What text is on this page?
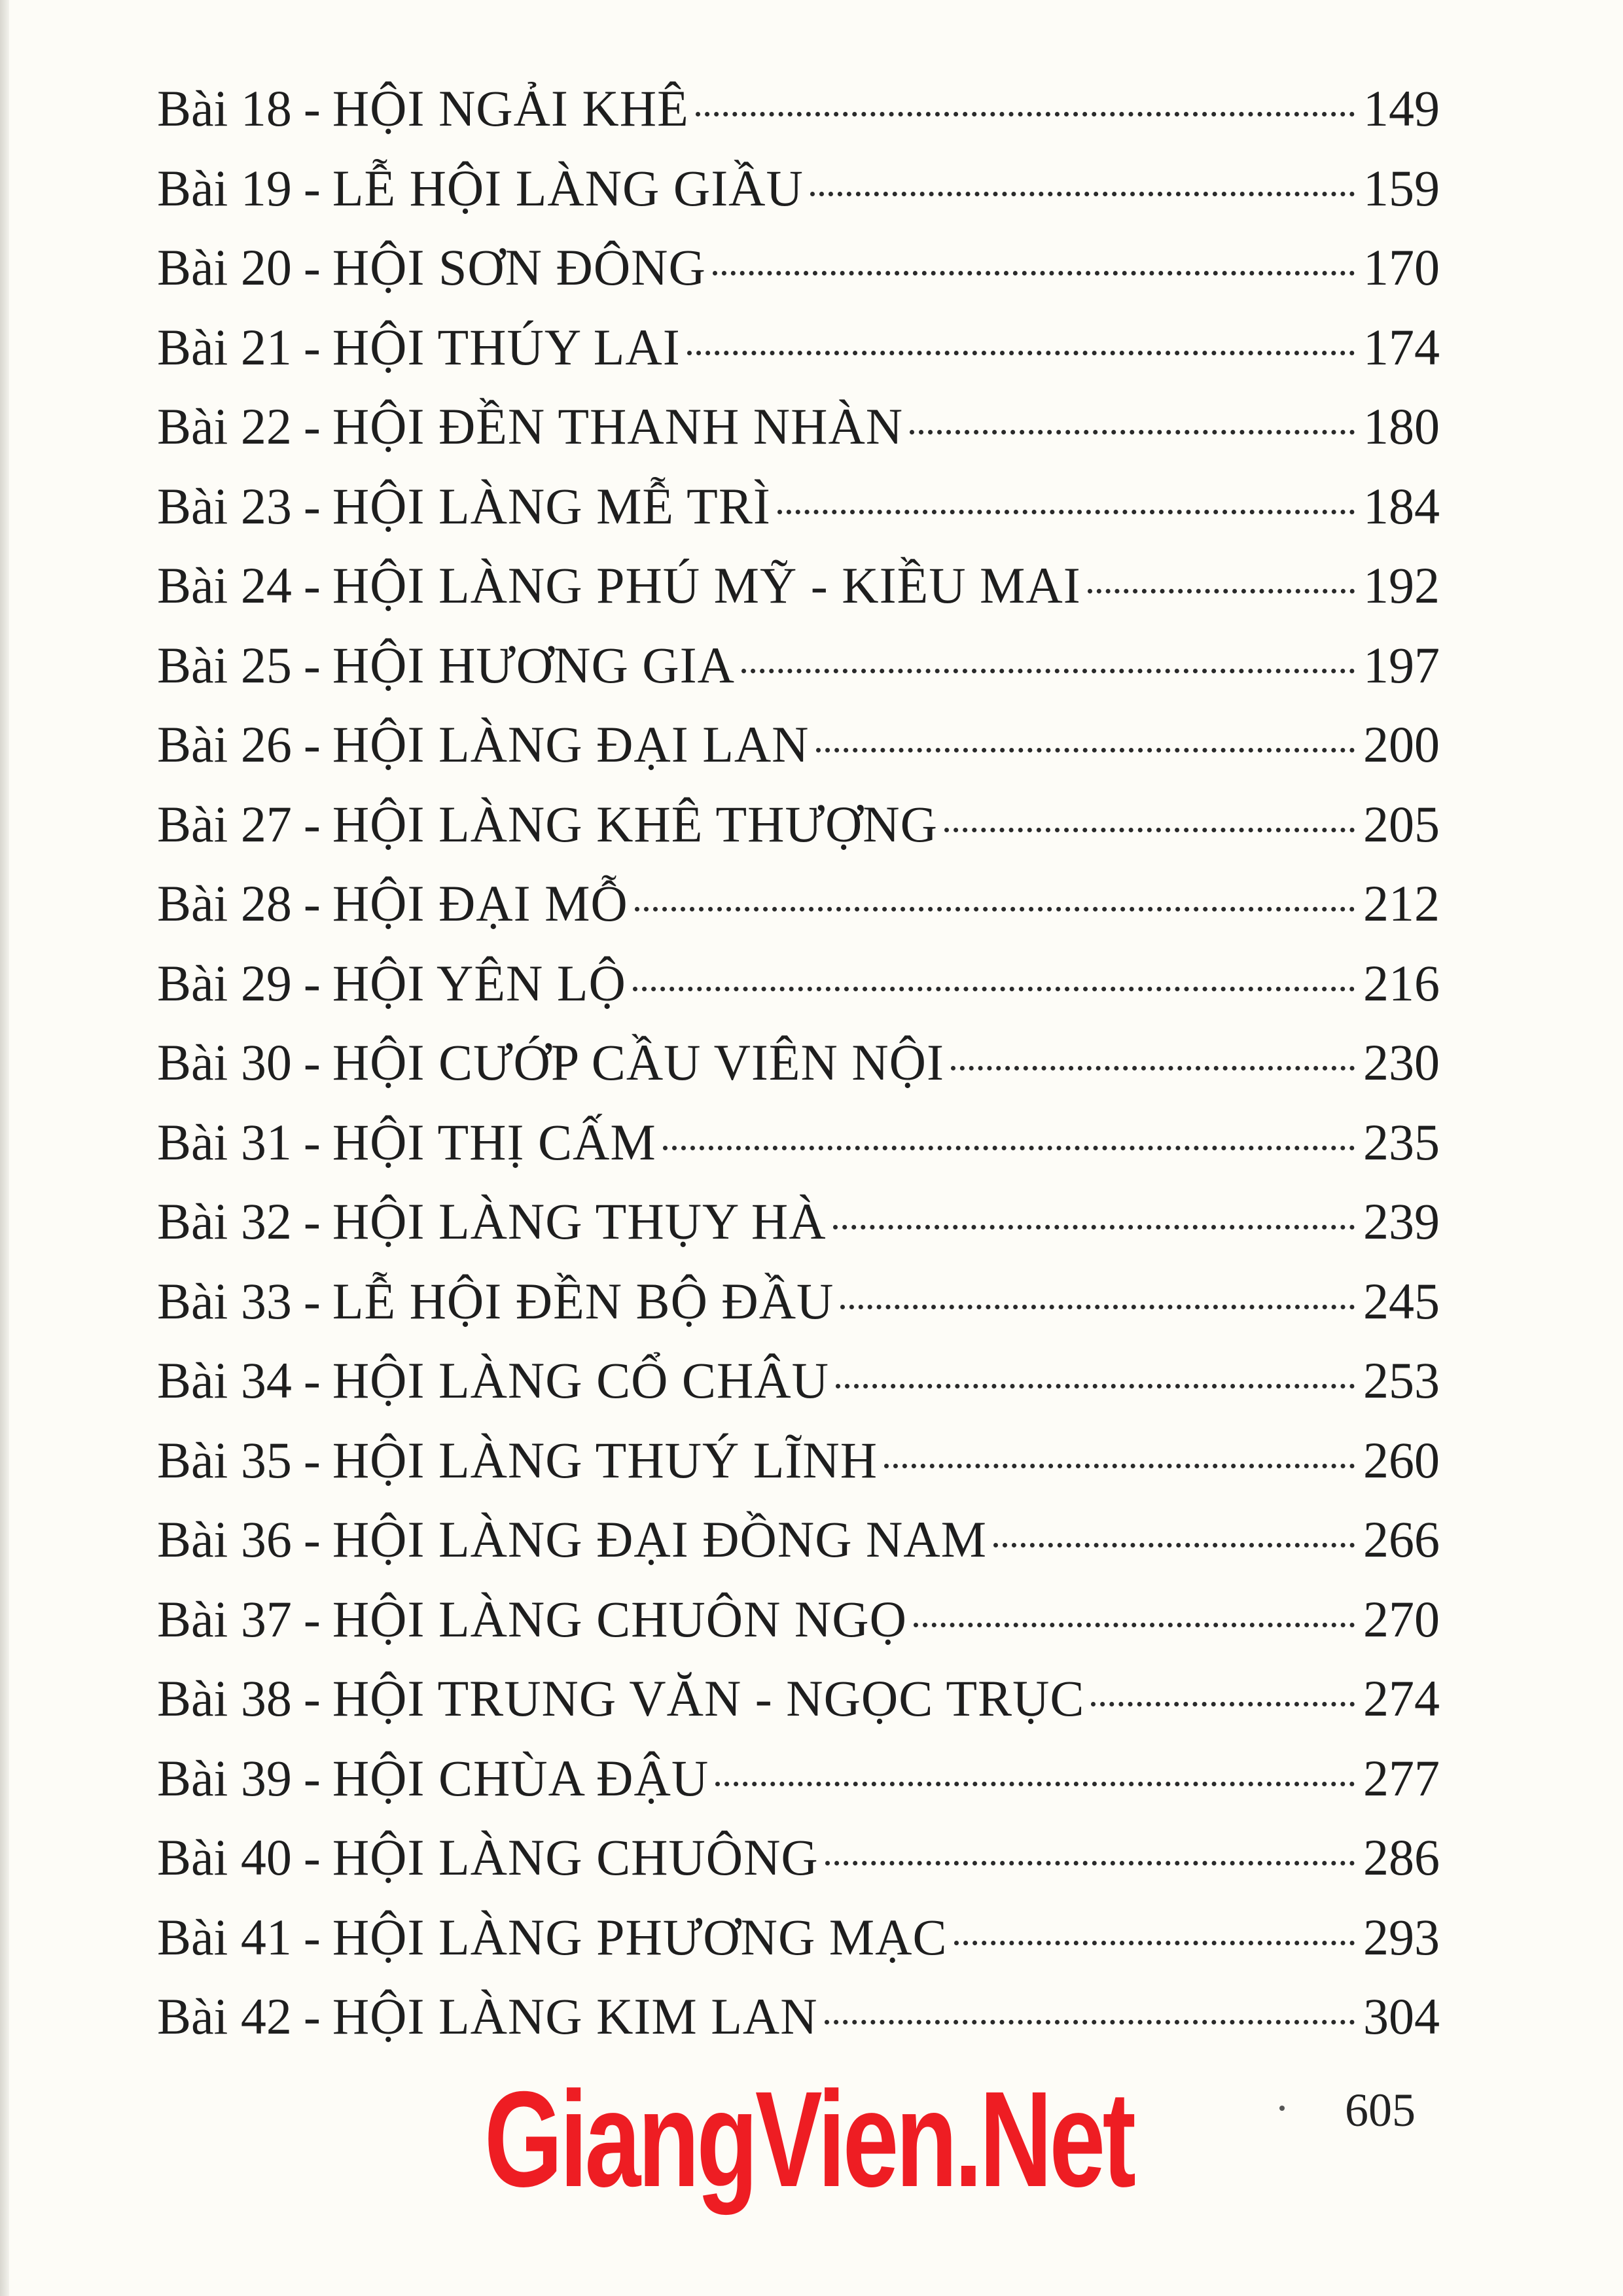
Bài 18 - HỘI NGẢI KHÊ	149
Bài 19 - LỄ HỘI LÀNG GIẦU	159
Bài 20 - HỘI SƠN ĐÔNG	170
Bài 21 - HỘI THÚY LAI	174
Bài 22 - HỘI ĐỀN THANH NHÀN	180
Bài 23 - HỘI LÀNG MỄ TRÌ	184
Bài 24 - HỘI LÀNG PHÚ MỸ - KIỀU MAI	192
Bài 25 - HỘI HƯƠNG GIA	197
Bài 26 - HỘI LÀNG ĐẠI LAN	200
Bài 27 - HỘI LÀNG KHÊ THƯỢNG	205
Bài 28 - HỘI ĐẠI MỖ	212
Bài 29 - HỘI YÊN LỘ	216
Bài 30 - HỘI CƯỚP CẦU VIÊN NỘI	230
Bài 31 - HỘI THỊ CẤM	235
Bài 32 - HỘI LÀNG THỤY HÀ	239
Bài 33 - LỄ HỘI ĐỀN BỘ ĐẦU	245
Bài 34 - HỘI LÀNG CỔ CHÂU	253
Bài 35 - HỘI LÀNG THUÝ LĨNH	260
Bài 36 - HỘI LÀNG ĐẠI ĐỒNG NAM	266
Bài 37 - HỘI LÀNG CHUÔN NGỌ	270
Bài 38 - HỘI TRUNG VĂN - NGỌC TRỤC	274
Bài 39 - HỘI CHÙA ĐẬU	277
Bài 40 - HỘI LÀNG CHUÔNG	286
Bài 41 - HỘI LÀNG PHƯƠNG MẠC	293
Bài 42 - HỘI LÀNG KIM LAN	304
GiangVien.Net	605
